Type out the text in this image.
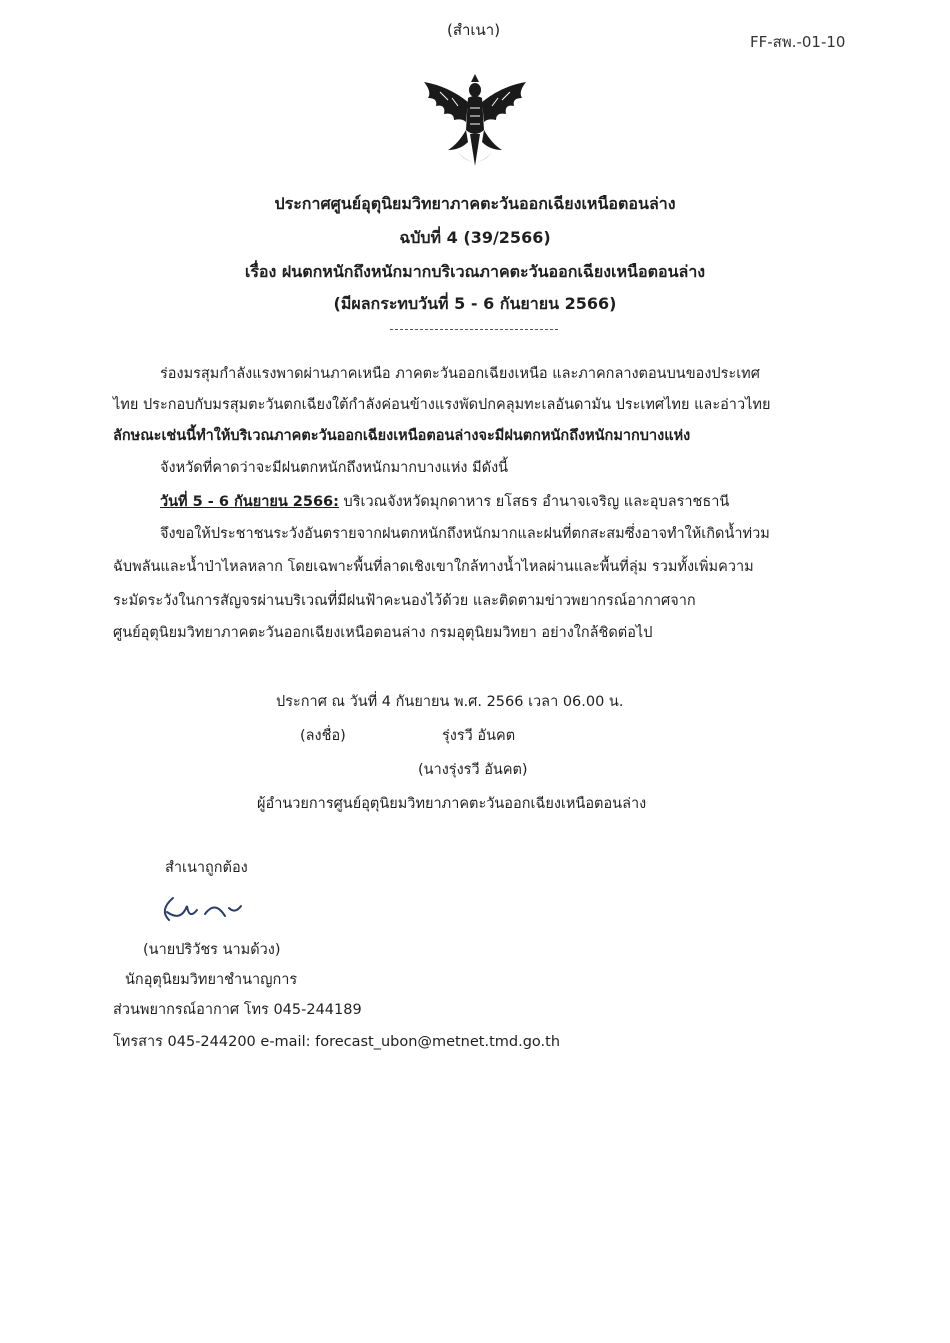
(สำเนา)
FF-สพ.-01-10
ประกาศศูนย์อุตุนิยมวิทยาภาคตะวันออกเฉียงเหนือตอนล่าง
ฉบับที่ 4 (39/2566)
เรื่อง ฝนตกหนักถึงหนักมากบริเวณภาคตะวันออกเฉียงเหนือตอนล่าง
(มีผลกระทบวันที่ 5 - 6 กันยายน 2566)
ร่องมรสุมกำลังแรงพาดผ่านภาคเหนือ ภาคตะวันออกเฉียงเหนือ และภาคกลางตอนบนของประเทศ
ไทย ประกอบกับมรสุมตะวันตกเฉียงใต้กำลังค่อนข้างแรงพัดปกคลุมทะเลอันดามัน ประเทศไทย และอ่าวไทย
ลักษณะเช่นนี้ทำให้บริเวณภาคตะวันออกเฉียงเหนือตอนล่างจะมีฝนตกหนักถึงหนักมากบางแห่ง
จังหวัดที่คาดว่าจะมีฝนตกหนักถึงหนักมากบางแห่ง มีดังนี้
วันที่ 5 - 6 กันยายน 2566: บริเวณจังหวัดมุกดาหาร ยโสธร อำนาจเจริญ และอุบลราชธานี
จึงขอให้ประชาชนระวังอันตรายจากฝนตกหนักถึงหนักมากและฝนที่ตกสะสมซึ่งอาจทำให้เกิดน้ำท่วม
ฉับพลันและน้ำป่าไหลหลาก โดยเฉพาะพื้นที่ลาดเชิงเขาใกล้ทางน้ำไหลผ่านและพื้นที่ลุ่ม รวมทั้งเพิ่มความ
ระมัดระวังในการสัญจรผ่านบริเวณที่มีฝนฟ้าคะนองไว้ด้วย และติดตามข่าวพยากรณ์อากาศจาก
ศูนย์อุตุนิยมวิทยาภาคตะวันออกเฉียงเหนือตอนล่าง กรมอุตุนิยมวิทยา อย่างใกล้ชิดต่อไป
ประกาศ ณ วันที่ 4 กันยายน พ.ศ. 2566 เวลา 06.00 น.
(ลงชื่อ)	รุ่งรวี อันคต
(นางรุ่งรวี อันคต)
ผู้อำนวยการศูนย์อุตุนิยมวิทยาภาคตะวันออกเฉียงเหนือตอนล่าง
สำเนาถูกต้อง
(นายปริวัชร นามด้วง)
นักอุตุนิยมวิทยาชำนาญการ
ส่วนพยากรณ์อากาศ โทร 045-244189
โทรสาร 045-244200 e-mail: forecast_ubon@metnet.tmd.go.th
